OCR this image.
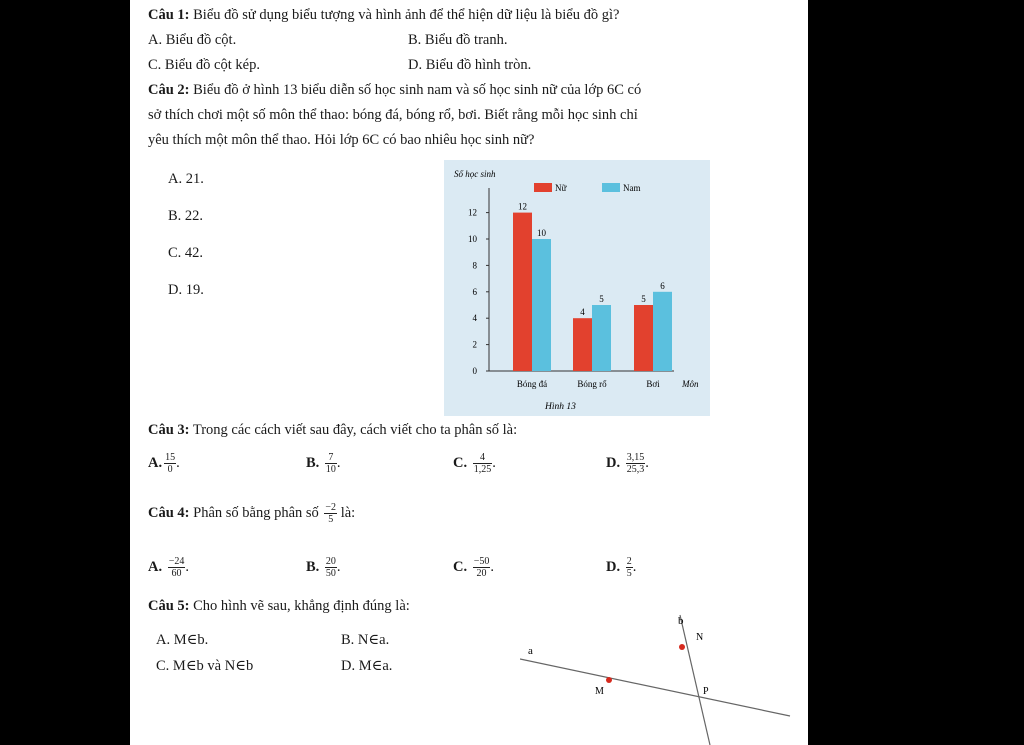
Câu 1: Biểu đồ sử dụng biểu tượng và hình ảnh để thể hiện dữ liệu là biểu đồ gì?
A. Biểu đồ cột.	B. Biểu đồ tranh.
C. Biểu đồ cột kép.	D. Biểu đồ hình tròn.
Câu 2: Biểu đồ ở hình 13 biểu diễn số học sinh nam và số học sinh nữ của lớp 6C có
sở thích chơi một số môn thể thao: bóng đá, bóng rổ, bơi. Biết rằng mỗi học sinh chỉ
yêu thích một môn thể thao. Hỏi lớp 6C có bao nhiêu học sinh nữ?
A. 21.
B. 22.
C. 42.
D. 19.
Số học sinh
Môn
Hình 13
Nữ	Nam
0
2
4
6
8
10
12
Bóng đá
12
10
Bóng rổ
4
5
Bơi
5
6
Câu 3: Trong các cách viết sau đây, cách viết cho ta phân số là:
A. $\frac{15}{0}$ .	B. $\frac{7}{10}$ .	C. $\frac{4}{1,25}$ .	D. $\frac{3,15}{25,3}$ .
Câu 4: Phân số bằng phân số $\frac{-2}{5}$ là:
A. $\frac{-24}{60}$ .	B. $\frac{20}{50}$ .	C. $\frac{-50}{20}$ .	D. $\frac{2}{5}$ .
Câu 5: Cho hình vẽ sau, khẳng định đúng là:
A. M∈b.	B. N∈a.
C. M∈b và N∈b	D. M∈a.
b
a
N
M	P
